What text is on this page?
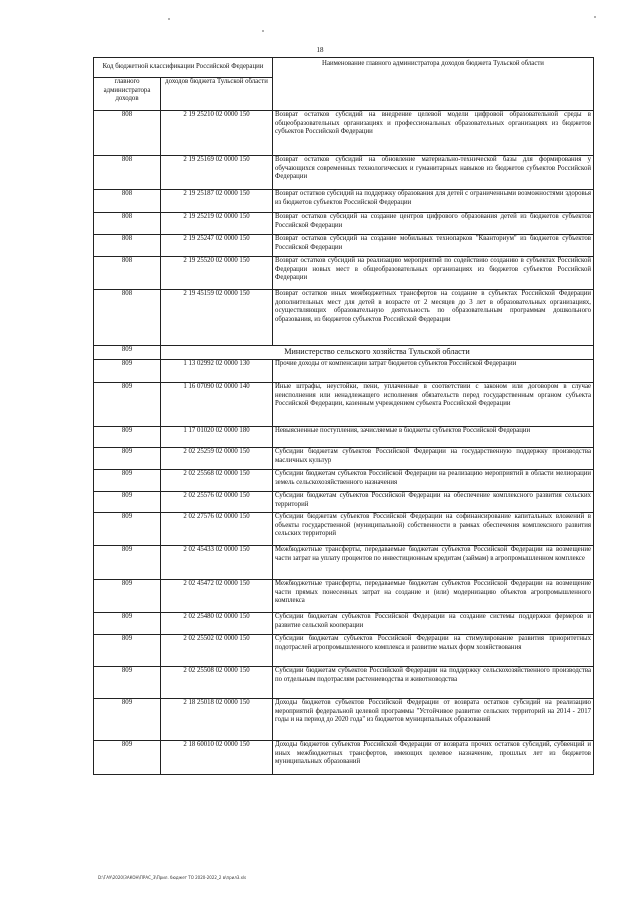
18
Код бюджетной классификации Российской Федерации		Наименование главного администратора доходов бюджета Тульской области
главного администратора доходов	доходов бюджета Тульской области	
808	2 19 25210 02 0000 150	Возврат остатков субсидий на внедрение целевой модели цифровой образовательной среды в общеобразовательных организациях и профессиональных образовательных организациях из бюджетов субъектов Российской Федерации
808	2 19 25169 02 0000 150	Возврат остатков субсидий на обновление материально-технической базы для формирования у обучающихся современных технологических и гуманитарных навыков из бюджетов субъектов Российской Федерации
808	2 19 25187 02 0000 150	Возврат остатков субсидий на поддержку образования для детей с ограниченными возможностями здоровья из бюджетов субъектов Российской Федерации
808	2 19 25219 02 0000 150	Возврат остатков субсидий на создание центров цифрового образования детей из бюджетов субъектов Российской Федерации
808	2 19 25247 02 0000 150	Возврат остатков субсидий на создание мобильных технопарков "Кванториум" из бюджетов субъектов Российской Федерации
808	2 19 25520 02 0000 150	Возврат остатков субсидий на реализацию мероприятий по содействию созданию в субъектах Российской Федерации новых мест в общеобразовательных организациях из бюджетов субъектов Российской Федерации
808	2 19 45159 02 0000 150	Возврат остатков иных межбюджетных трансфертов на создание в субъектах Российской Федерации дополнительных мест для детей в возрасте от 2 месяцев до 3 лет в образовательных организациях, осуществляющих образовательную деятельность по образовательным программам дошкольного образования, из бюджетов субъектов Российской Федерации
809	Министерство сельского хозяйства Тульской области	
809	1 13 02992 02 0000 130	Прочие доходы от компенсации затрат бюджетов субъектов Российской Федерации
809	1 16 07090 02 0000 140	Иные штрафы, неустойки, пени, уплаченные в соответствии с законом или договором в случае неисполнения или ненадлежащего исполнения обязательств перед государственным органом субъекта Российской Федерации, казенным учреждением субъекта Российской Федерации
809	1 17 01020 02 0000 180	Невыясненные поступления, зачисляемые в бюджеты субъектов Российской Федерации
809	2 02 25259 02 0000 150	Субсидии бюджетам субъектов Российской Федерации на государственную поддержку производства масличных культур
809	2 02 25568 02 0000 150	Субсидии бюджетам субъектов Российской Федерации на реализацию мероприятий в области мелиорации земель сельскохозяйственного назначения
809	2 02 25576 02 0000 150	Субсидии бюджетам субъектов Российской Федерации на обеспечение комплексного развития сельских территорий
809	2 02 27576 02 0000 150	Субсидии бюджетам субъектов Российской Федерации на софинансирование капитальных вложений в объекты государственной (муниципальной) собственности в рамках обеспечения комплексного развития сельских территорий
809	2 02 45433 02 0000 150	Межбюджетные трансферты, передаваемые бюджетам субъектов Российской Федерации на возмещение части затрат на уплату процентов по инвестиционным кредитам (займам) в агропромышленном комплексе
809	2 02 45472 02 0000 150	Межбюджетные трансферты, передаваемые бюджетам субъектов Российской Федерации на возмещение части прямых понесенных затрат на создание и (или) модернизацию объектов агропромышленного комплекса
809	2 02 25480 02 0000 150	Субсидии бюджетам субъектов Российской Федерации на создание системы поддержки фермеров и развитие сельской кооперации
809	2 02 25502 02 0000 150	Субсидии бюджетам субъектов Российской Федерации на стимулирование развития приоритетных подотраслей агропромышленного комплекса и развитие малых форм хозяйствования
809	2 02 25508 02 0000 150	Субсидии бюджетам субъектов Российской Федерации на поддержку сельскохозяйственного производства по отдельным подотраслям растениеводства и животноводства
809	2 18 25018 02 0000 150	Доходы бюджетов субъектов Российской Федерации от возврата остатков субсидий на реализацию мероприятий федеральной целевой программы "Устойчивое развитие сельских территорий на 2014 - 2017 годы и на период до 2020 года" из бюджетов муниципальных образований
809	2 18 60010 02 0000 150	Доходы бюджетов субъектов Российской Федерации от возврата прочих остатков субсидий, субвенций и иных межбюджетных трансфертов, имеющих целевое назначение, прошлых лет из бюджетов муниципальных образований
D:\ГАУ\2020\ЗАКОН\ПРАС_3\Прил. бюджет ТО 2020-2022_2 в\прил3.xls
